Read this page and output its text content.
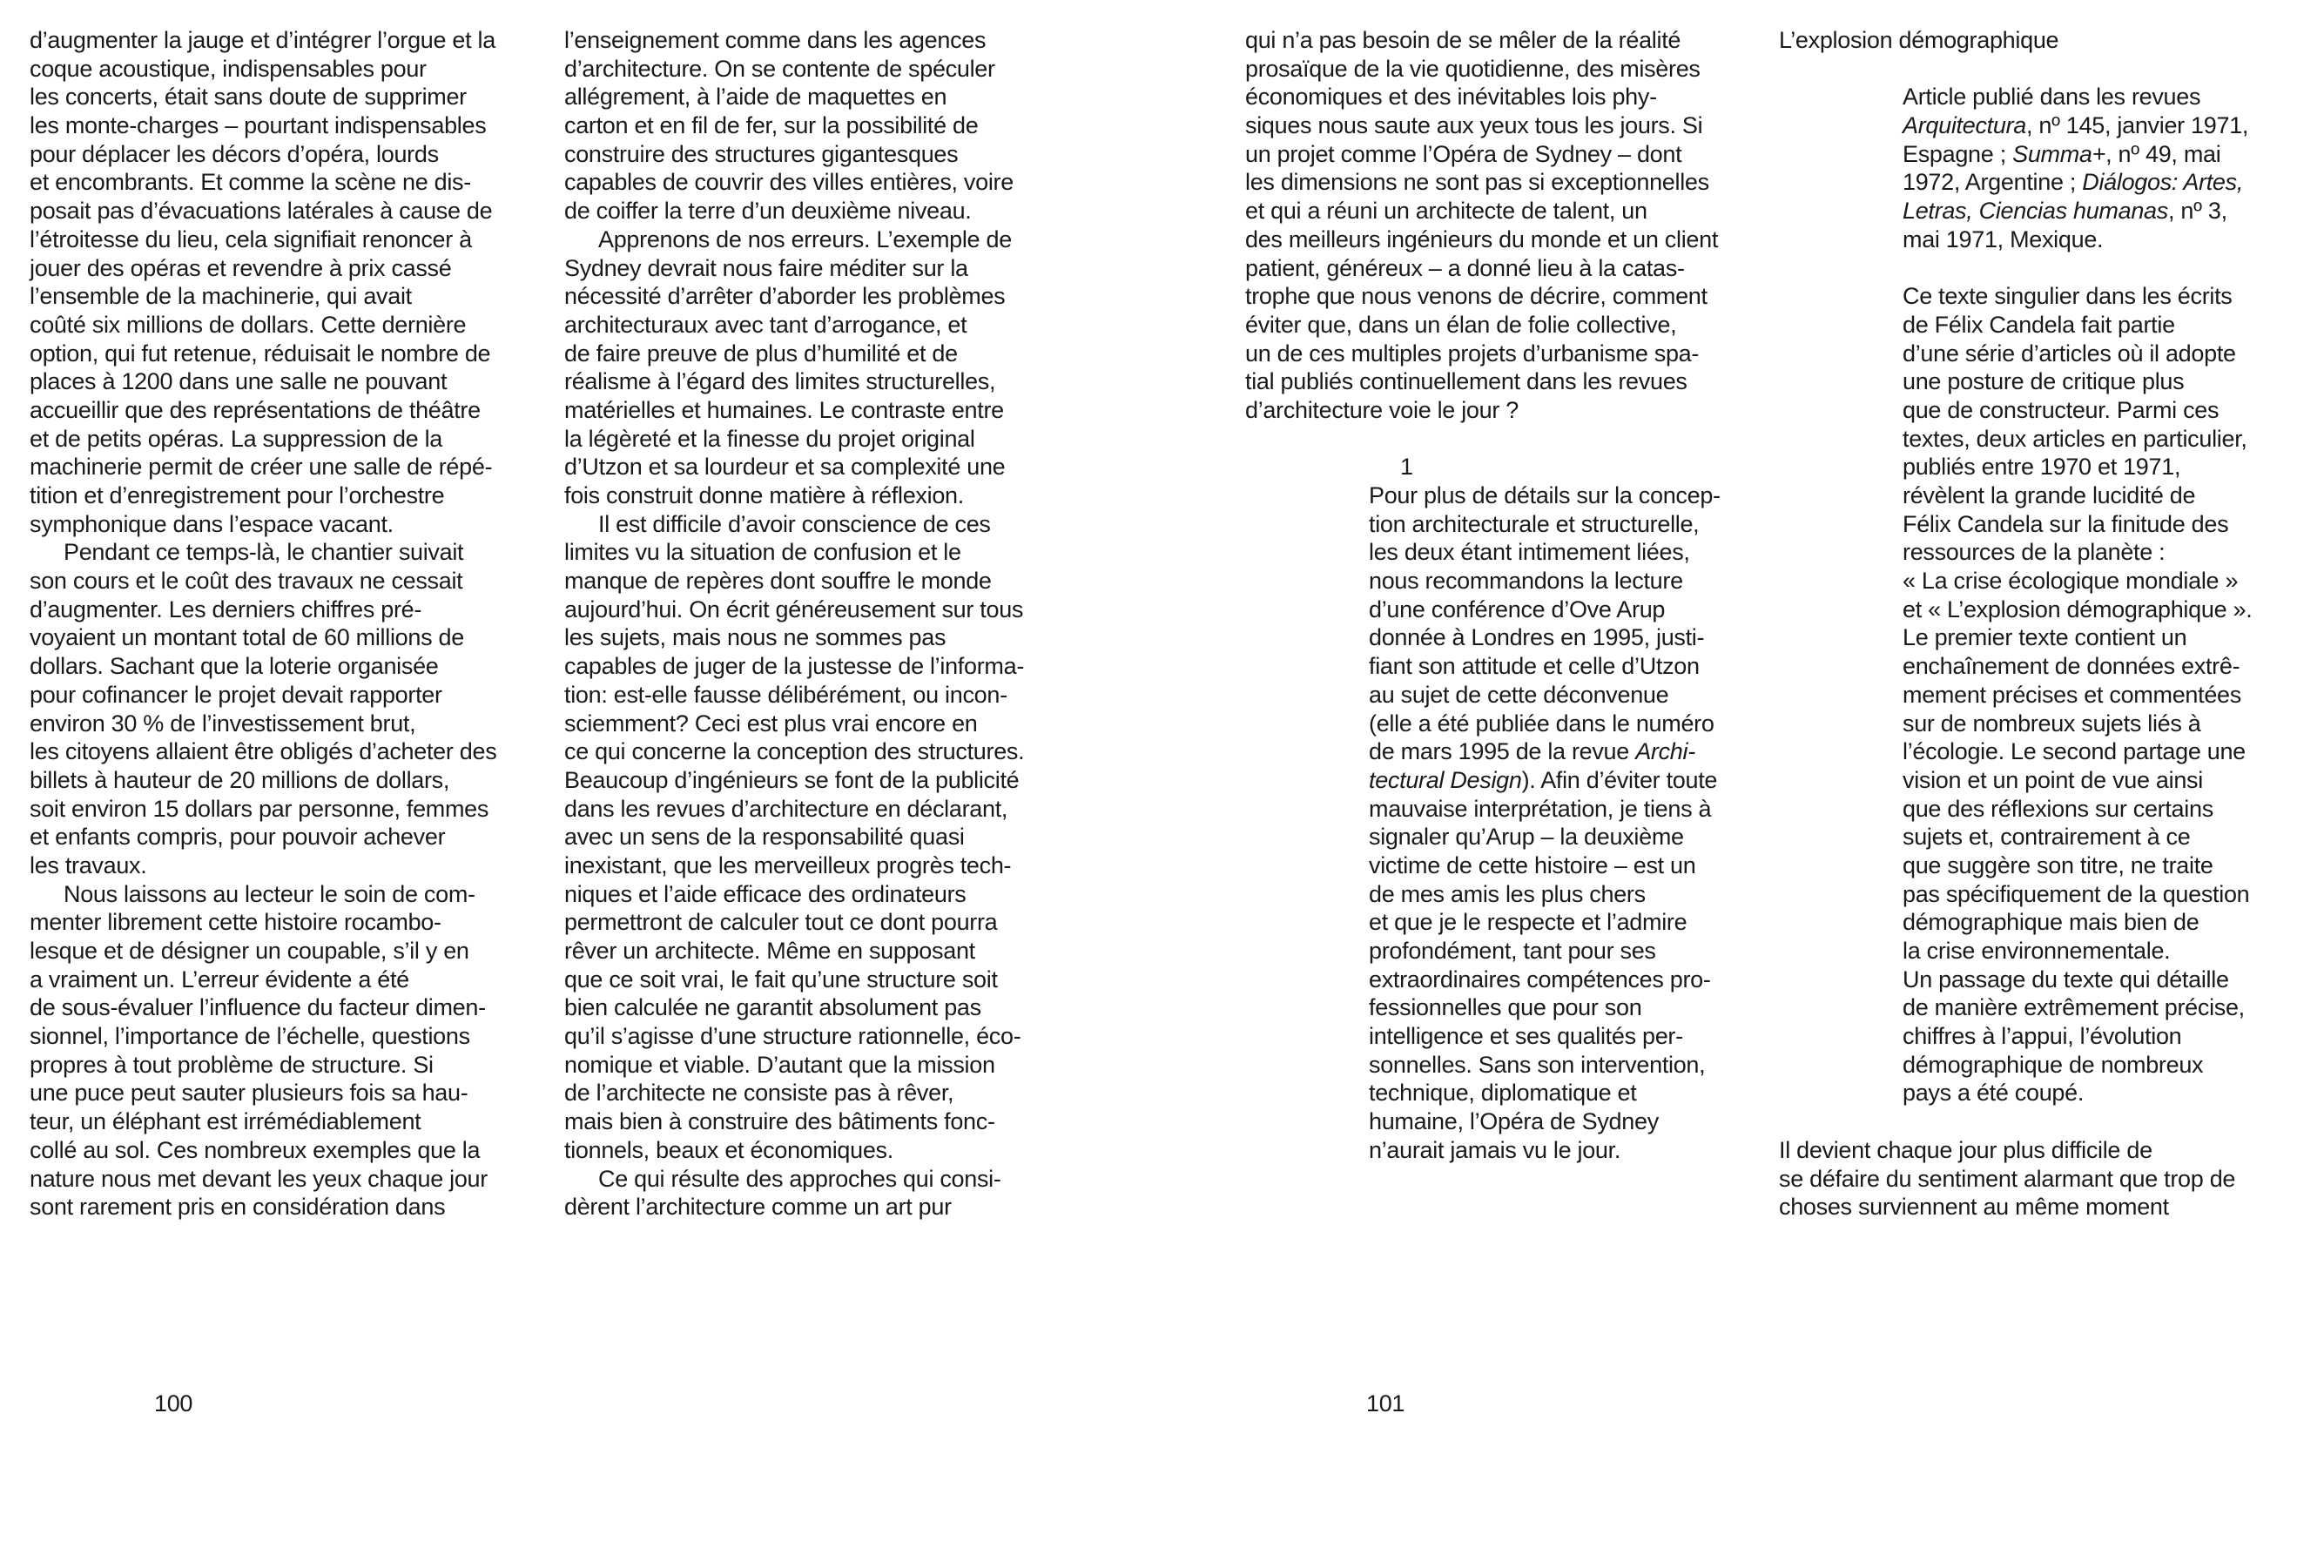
d’augmenter la jauge et d’intégrer l’orgue et la
coque acoustique, indispensables pour
les concerts, était sans doute de supprimer
les monte-charges – pourtant indispensables
pour déplacer les décors d’opéra, lourds
et encombrants. Et comme la scène ne dis-
posait pas d’évacuations latérales à cause de
l’étroitesse du lieu, cela signifiait renoncer à
jouer des opéras et revendre à prix cassé
l’ensemble de la machinerie, qui avait
coûté six millions de dollars. Cette dernière
option, qui fut retenue, réduisait le nombre de
places à 1200 dans une salle ne pouvant
accueillir que des représentations de théâtre
et de petits opéras. La suppression de la
machinerie permit de créer une salle de répé-
tition et d’enregistrement pour l’orchestre
symphonique dans l’espace vacant.
Pendant ce temps-là, le chantier suivait
son cours et le coût des travaux ne cessait
d’augmenter. Les derniers chiffres pré-
voyaient un montant total de 60 millions de
dollars. Sachant que la loterie organisée
pour cofinancer le projet devait rapporter
environ 30 % de l’investissement brut,
les citoyens allaient être obligés d’acheter des
billets à hauteur de 20 millions de dollars,
soit environ 15 dollars par personne, femmes
et enfants compris, pour pouvoir achever
les travaux.
Nous laissons au lecteur le soin de com-
menter librement cette histoire rocambo-
lesque et de désigner un coupable, s’il y en
a vraiment un. L’erreur évidente a été
de sous-évaluer l’influence du facteur dimen-
sionnel, l’importance de l’échelle, questions
propres à tout problème de structure. Si
une puce peut sauter plusieurs fois sa hau-
teur, un éléphant est irrémédiablement
collé au sol. Ces nombreux exemples que la
nature nous met devant les yeux chaque jour
sont rarement pris en considération dans
l’enseignement comme dans les agences
d’architecture. On se contente de spéculer
allégrement, à l’aide de maquettes en
carton et en fil de fer, sur la possibilité de
construire des structures gigantesques
capables de couvrir des villes entières, voire
de coiffer la terre d’un deuxième niveau.
Apprenons de nos erreurs. L’exemple de
Sydney devrait nous faire méditer sur la
nécessité d’arrêter d’aborder les problèmes
architecturaux avec tant d’arrogance, et
de faire preuve de plus d’humilité et de
réalisme à l’égard des limites structurelles,
matérielles et humaines. Le contraste entre
la légèreté et la finesse du projet original
d’Utzon et sa lourdeur et sa complexité une
fois construit donne matière à réflexion.
Il est difficile d’avoir conscience de ces
limites vu la situation de confusion et le
manque de repères dont souffre le monde
aujourd’hui. On écrit généreusement sur tous
les sujets, mais nous ne sommes pas
capables de juger de la justesse de l’informa-
tion: est-elle fausse délibérément, ou incon-
sciemment? Ceci est plus vrai encore en
ce qui concerne la conception des structures.
Beaucoup d’ingénieurs se font de la publicité
dans les revues d’architecture en déclarant,
avec un sens de la responsabilité quasi
inexistant, que les merveilleux progrès tech-
niques et l’aide efficace des ordinateurs
permettront de calculer tout ce dont pourra
rêver un architecte. Même en supposant
que ce soit vrai, le fait qu’une structure soit
bien calculée ne garantit absolument pas
qu’il s’agisse d’une structure rationnelle, éco-
nomique et viable. D’autant que la mission
de l’architecte ne consiste pas à rêver,
mais bien à construire des bâtiments fonc-
tionnels, beaux et économiques.
Ce qui résulte des approches qui consi-
dèrent l’architecture comme un art pur
100
qui n’a pas besoin de se mêler de la réalité
prosaïque de la vie quotidienne, des misères
économiques et des inévitables lois phy-
siques nous saute aux yeux tous les jours. Si
un projet comme l’Opéra de Sydney – dont
les dimensions ne sont pas si exceptionnelles
et qui a réuni un architecte de talent, un
des meilleurs ingénieurs du monde et un client
patient, généreux – a donné lieu à la catas-
trophe que nous venons de décrire, comment
éviter que, dans un élan de folie collective,
un de ces multiples projets d’urbanisme spa-
tial publiés continuellement dans les revues
d’architecture voie le jour ?
1
Pour plus de détails sur la concep-
tion architecturale et structurelle,
les deux étant intimement liées,
nous recommandons la lecture
d’une conférence d’Ove Arup
donnée à Londres en 1995, justi-
fiant son attitude et celle d’Utzon
au sujet de cette déconvenue
(elle a été publiée dans le numéro
de mars 1995 de la revue Archi-
tectural Design). Afin d’éviter toute
mauvaise interprétation, je tiens à
signaler qu’Arup – la deuxième
victime de cette histoire – est un
de mes amis les plus chers
et que je le respecte et l’admire
profondément, tant pour ses
extraordinaires compétences pro-
fessionnelles que pour son
intelligence et ses qualités per-
sonnelles. Sans son intervention,
technique, diplomatique et
humaine, l’Opéra de Sydney
n’aurait jamais vu le jour.
L’explosion démographique
Article publié dans les revues
Arquitectura, nº 145, janvier 1971,
Espagne ; Summa+, nº 49, mai
1972, Argentine ; Diálogos: Artes,
Letras, Ciencias humanas, nº 3,
mai 1971, Mexique.
Ce texte singulier dans les écrits
de Félix Candela fait partie
d’une série d’articles où il adopte
une posture de critique plus
que de constructeur. Parmi ces
textes, deux articles en particulier,
publiés entre 1970 et 1971,
révèlent la grande lucidité de
Félix Candela sur la finitude des
ressources de la planète :
« La crise écologique mondiale »
et « L’explosion démographique ».
Le premier texte contient un
enchaînement de données extrê-
mement précises et commentées
sur de nombreux sujets liés à
l’écologie. Le second partage une
vision et un point de vue ainsi
que des réflexions sur certains
sujets et, contrairement à ce
que suggère son titre, ne traite
pas spécifiquement de la question
démographique mais bien de
la crise environnementale.
Un passage du texte qui détaille
de manière extrêmement précise,
chiffres à l’appui, l’évolution
démographique de nombreux
pays a été coupé.
Il devient chaque jour plus difficile de
se défaire du sentiment alarmant que trop de
choses surviennent au même moment
101
